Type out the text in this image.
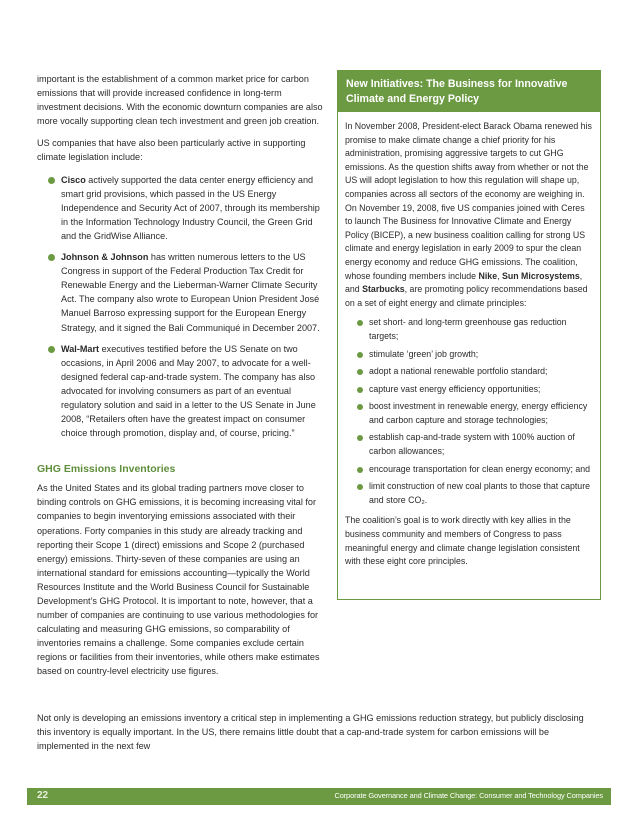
important is the establishment of a common market price for carbon emissions that will provide increased confidence in long-term investment decisions. With the economic downturn companies are also more vocally supporting clean tech investment and green job creation.

US companies that have also been particularly active in supporting climate legislation include:

Cisco actively supported the data center energy efficiency and smart grid provisions, which passed in the US Energy Independence and Security Act of 2007, through its membership in the Information Technology Industry Council, the Green Grid and the GridWise Alliance.
Johnson & Johnson has written numerous letters to the US Congress in support of the Federal Production Tax Credit for Renewable Energy and the Lieberman-Warner Climate Security Act. The company also wrote to European Union President José Manuel Barroso expressing support for the European Energy Strategy, and it signed the Bali Communiqué in December 2007.
Wal-Mart executives testified before the US Senate on two occasions, in April 2006 and May 2007, to advocate for a well-designed federal cap-and-trade system. The company has also advocated for involving consumers as part of an eventual regulatory solution and said in a letter to the US Senate in June 2008, “Retailers often have the greatest impact on consumer choice through promotion, display and, of course, pricing.”
GHG Emissions Inventories

As the United States and its global trading partners move closer to binding controls on GHG emissions, it is becoming increasing vital for companies to begin inventorying emissions associated with their operations. Forty companies in this study are already tracking and reporting their Scope 1 (direct) emissions and Scope 2 (purchased energy) emissions. Thirty-seven of these companies are using an international standard for emissions accounting—typically the World Resources Institute and the World Business Council for Sustainable Development’s GHG Protocol. It is important to note, however, that a number of companies are continuing to use various methodologies for calculating and measuring GHG emissions, so comparability of inventories remains a challenge. Some companies exclude certain regions or facilities from their inventories, while others make estimates based on country-level electricity use figures.

New Initiatives: The Business for Innovative Climate and Energy Policy

In November 2008, President-elect Barack Obama renewed his promise to make climate change a chief priority for his administration, promising aggressive targets to cut GHG emissions. As the question shifts away from whether or not the US will adopt legislation to how this regulation will shape up, companies across all sectors of the economy are weighing in. On November 19, 2008, five US companies joined with Ceres to launch The Business for Innovative Climate and Energy Policy (BICEP), a new business coalition calling for strong US climate and energy legislation in early 2009 to spur the clean energy economy and reduce GHG emissions. The coalition, whose founding members include Nike, Sun Microsystems, and Starbucks, are promoting policy recommendations based on a set of eight energy and climate principles:

set short- and long-term greenhouse gas reduction targets;
stimulate ‘green’ job growth;
adopt a national renewable portfolio standard;
capture vast energy efficiency opportunities;
boost investment in renewable energy, energy efficiency and carbon capture and storage technologies;
establish cap-and-trade system with 100% auction of carbon allowances;
encourage transportation for clean energy economy; and
limit construction of new coal plants to those that capture and store CO₂.

The coalition’s goal is to work directly with key allies in the business community and members of Congress to pass meaningful energy and climate change legislation consistent with these eight core principles.

Not only is developing an emissions inventory a critical step in implementing a GHG emissions reduction strategy, but publicly disclosing this inventory is equally important. In the US, there remains little doubt that a cap-and-trade system for carbon emissions will be implemented in the next few
22	Corporate Governance and Climate Change: Consumer and Technology Companies
